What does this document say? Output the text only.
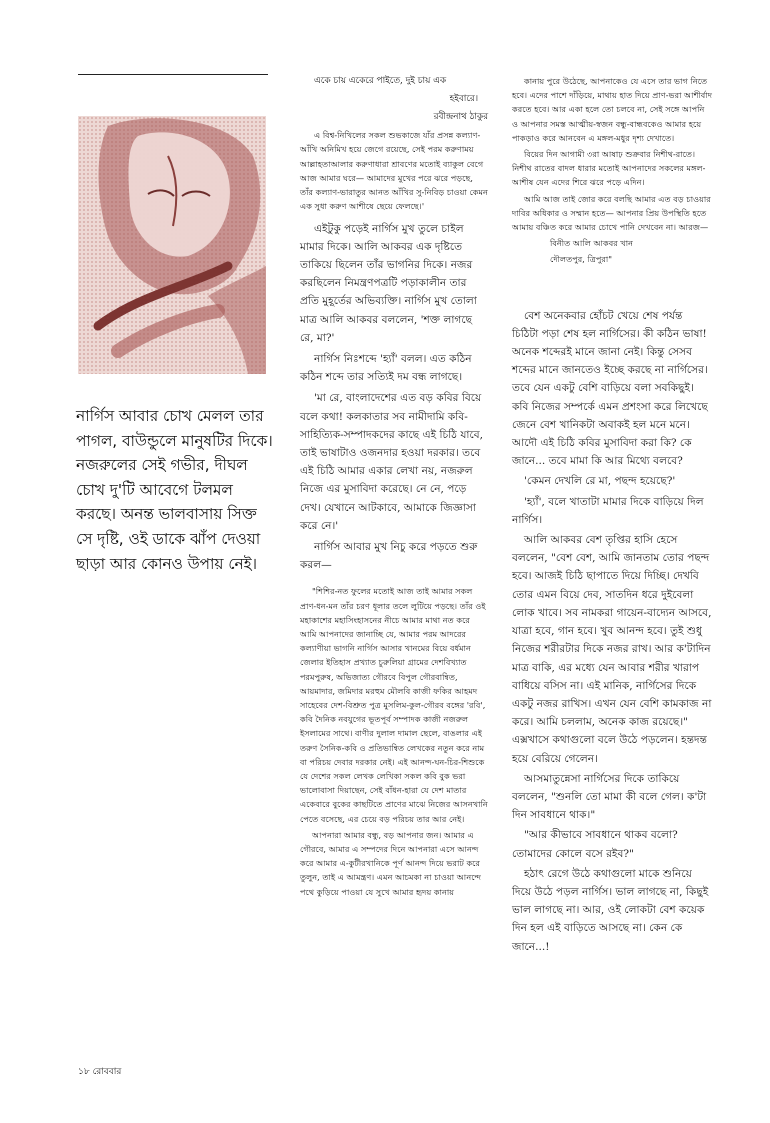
নার্গিস আবার চোখ মেলল তার পাগল, বাউন্ডুলে মানুষটির দিকে। নজরুলের সেই গভীর, দীঘল চোখ দু'টি আবেগে টলমল করছে। অনন্ত ভালবাসায় সিক্ত সে দৃষ্টি, ওই ডাকে ঝাঁপ দেওয়া ছাড়া আর কোনও উপায় নেই।

একে চায় একেরে পাইতে, দুই চায় এক

হইবারে।

রবীন্দ্রনাথ ঠাকুর

এ বিশ্ব-নিখিলের সকল শুভকাজে যাঁর প্রসন্ন কল্যাণ-আঁখি অনিমিখ হয়ে জেগে রয়েছে, সেই পরম করুণাময় আল্লাহতাআলার করুণাধারা শ্রাবণের মতোই ব্যাকুল বেগে আজ আমার ঘরে— আমাদের মুখের পরে ঝরে পড়ছে, তাঁর কল্যাণ-ভারাতুর আনত আঁখির সু-নিবিড় চাওয়া কেমন এক সুধা করুণ আশীষে ছেয়ে ফেলছে।'

এইটুকু পড়েই নার্গিস মুখ তুলে চাইল মামার দিকে। আলি আকবর এক দৃষ্টিতে তাকিয়ে ছিলেন তাঁর ভাগনির দিকে। নজর করছিলেন নিমন্ত্রণপত্রটি পড়াকালীন তার প্রতি মুহূর্তের অভিব্যক্তি। নার্গিস মুখ তোলা মাত্র আলি আকবর বললেন, 'শক্ত লাগছে রে, মা?'

নার্গিস নিঃশব্দে 'হ্যাঁ' বলল। এত কঠিন কঠিন শব্দে তার সত্যিই দম বন্ধ লাগছে।

'মা রে, বাংলাদেশের এত বড় কবির বিয়ে বলে কথা! কলকাতার সব নামীদামি কবি-সাহিত্যিক-সম্পাদকদের কাছে এই চিঠি যাবে, তাই ভাষাটাও ওজনদার হওয়া দরকার। তবে এই চিঠি আমার একার লেখা নয়, নজরুল নিজে এর মুসাবিদা করেছে। নে নে, পড়ে দেখ। যেখানে আটকাবে, আমাকে জিজ্ঞাসা করে নে।'

নার্গিস আবার মুখ নিচু করে পড়তে শুরু করল—

"শিশির-নত ফুলের মতোই আজ তাই আমার সকল প্রাণ-ধন-মন তাঁর চরণ ধূলার তলে লুটিয়ে পড়ছে। তাঁর ওই মহাকাশের মহাসিংহাসনের নীচে আমার মাথা নত করে আমি আপনাদের জানাচ্ছি যে, আমার পরম আদরের কল্যাণীয়া ভাগনি নার্গিস আসার খানমের বিয়ে বর্ধমান জেলার ইতিহাস প্রখ্যাত চুরুলিয়া গ্রামের দেশবিখ্যাত পরমপুরুষ, অভিজাত্য গৌরবে বিপুল গৌরবান্বিত, আয়মাদার, জমিদার মরহুম মৌলবি কাজী ফকির আহমদ সাহেবের দেশ-বিশ্রুত পুত্র মুসলিম-কুল-গৌরব বঙ্গের 'রবি', কবি দৈনিক নবযুগের ভূতপূর্ব সম্পাদক কাজী নজরুল ইসলামের সাথে। বাণীর দুলাল দামাল ছেলে, বাঙলার এই তরুণ সৈনিক-কবি ও প্রতিভান্বিত লেখকের নতুন করে নাম বা পরিচয় দেবার দরকার নেই। এই আনন্দ-ঘন-চির-শিশুকে যে দেশের সকল লেখক লেখিকা সকল কবি বুক ভরা ভালোবাসা দিয়াছেন, সেই বাঁধন-হারা যে দেশ মাতার একেবারে বুকের কাছটিতে প্রাণের মাঝে নিজের আসনখানি পেতে বসেছে, এর চেয়ে বড় পরিচয় তার আর নেই।

আপনারা আমার বন্ধু, বড় আপনার জন। আমার এ গৌরবে, আমার এ সম্পদের দিনে আপনারা এসে আনন্দ করে আমার এ-কুটীরখানিকে পূর্ণ আনন্দ দিয়ে ভরাট করে তুলুন, তাই এ আমন্ত্রণ। এমন আচমকা না চাওয়া আনন্দে পথে কুড়িয়ে পাওয়া যে সুখে আমার হৃদয় কানায়

কানায় পুরে উঠেছে, আপনাকেও যে এসে তার ভাগ নিতে হবে। এদের পাশে দাঁড়িয়ে, মাথায় হাত দিয়ে প্রাণ-ভরা আশীর্বাদ করতে হবে। আর একা হলে তো চলবে না, সেই সঙ্গে আপনি ও আপনার সমস্ত আত্মীয়-স্বজন বন্ধু-বান্ধবকেও আমার হয়ে পাকড়াও করে আনবেন এ মঙ্গল-মধুর দৃশ্য দেখাতে।

বিয়ের দিন আগামী ৩রা আষাঢ় শুক্রবার নিশীথ-রাতে। নিশীথ রাতের বাদল ধারার মতোই আপনাদের সকলের মঙ্গল-আশীষ যেন এদের শিরে ঝরে পড়ে এদিন।

আমি আজ তাই জোর করে বলছি আমার এত বড় চাওয়ার দাবির অধিকার ও সম্মান হতে— আপনার প্রিয় উপস্থিতি হতে আমায় বঞ্চিত করে আমার চোখে পানি দেখবেন না। আরজ—

বিনীত আলি আকবর খান

দৌলতপুর, ত্রিপুরা"

বেশ অনেকবার হোঁচট খেয়ে শেষ পর্যন্ত চিঠিটা পড়া শেষ হল নার্গিসের। কী কঠিন ভাষা! অনেক শব্দেরই মানে জানা নেই। কিন্তু সেসব শব্দের মানে জানতেও ইচ্ছে করছে না নার্গিসের। তবে যেন একটু বেশি বাড়িয়ে বলা সবকিছুই। কবি নিজের সম্পর্কে এমন প্রশংসা করে লিখেছে জেনে বেশ খানিকটা অবাকই হল মনে মনে। আদৌ এই চিঠি কবির মুসাবিদা করা কি? কে জানে... তবে মামা কি আর মিথ্যে বলবে?

'কেমন দেখলি রে মা, পছন্দ হয়েছে?'

'হ্যাঁ', বলে খাতাটা মামার দিকে বাড়িয়ে দিল নার্গিস।

আলি আকবর বেশ তৃপ্তির হাসি হেসে বললেন, "বেশ বেশ, আমি জানতাম তোর পছন্দ হবে। আজই চিঠি ছাপাতে দিয়ে দিচ্ছি। দেখবি তোর এমন বিয়ে দেব, সাতদিন ধরে দুইবেলা লোক খাবে। সব নামকরা গায়েন-বাদ্যেন আসবে, যাত্রা হবে, গান হবে। খুব আনন্দ হবে। তুই শুধু নিজের শরীরটার দিকে নজর রাখ। আর ক'টাদিন মাত্র বাকি, এর মধ্যে যেন আবার শরীর খারাপ বাধিয়ে বসিস না। এই মানিক, নার্গিসের দিকে একটু নজর রাখিস। এখন যেন বেশি কামকাজ না করে। আমি চললাম, অনেক কাজ রয়েছে।" এক্সখাসে কথাগুলো বলে উঠে পড়লেন। হন্তদন্ত হয়ে বেরিয়ে গেলেন।

আসমাতুন্নেসা নার্গিসের দিকে তাকিয়ে বললেন, "শুনলি তো মামা কী বলে গেল। ক'টা দিন সাবধানে থাক।"

"আর কীভাবে সাবধানে থাকব বলো? তোমাদের কোলে বসে রইব?"

হঠাৎ রেগে উঠে কথাগুলো মাকে শুনিয়ে দিয়ে উঠে পড়ল নার্গিস। ভাল লাগছে না, কিছুই ভাল লাগছে না। আর, ওই লোকটা বেশ কয়েক দিন হল এই বাড়িতে আসছে না। কেন কে জানে...!

১৮ রোববার
